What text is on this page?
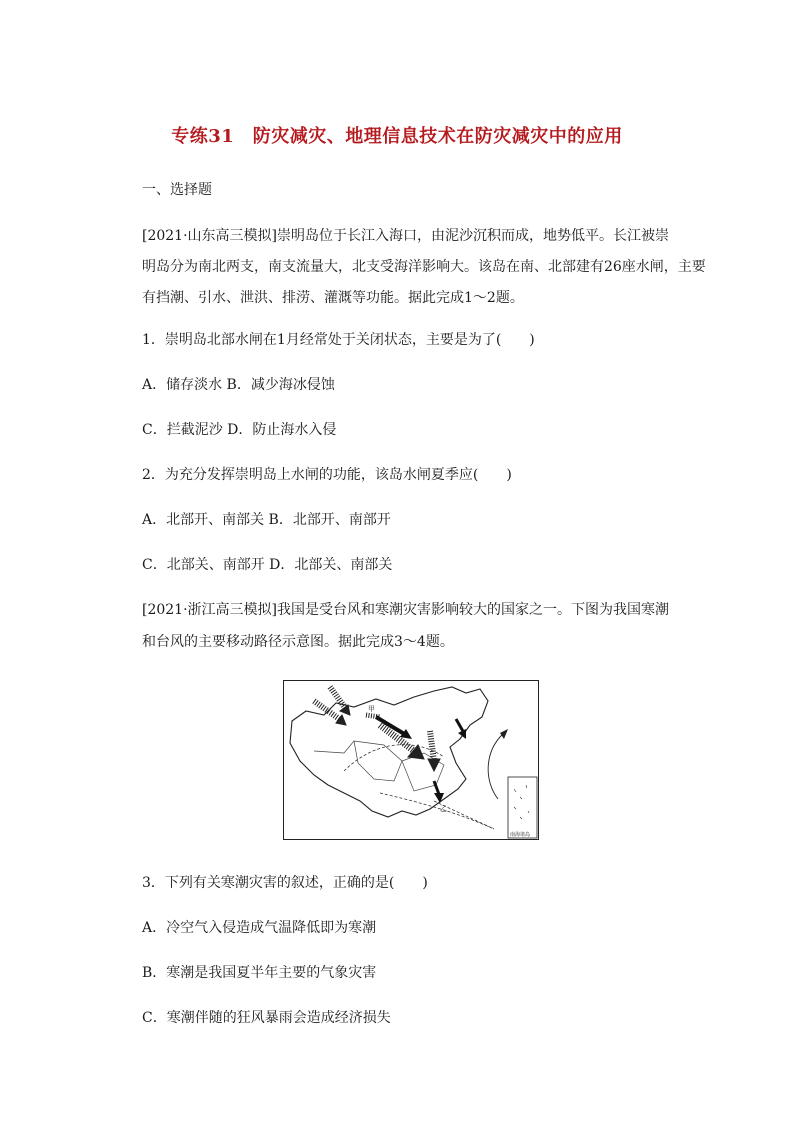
专练31　防灾减灾、地理信息技术在防灾减灾中的应用
一、选择题
[2021·山东高三模拟]崇明岛位于长江入海口，由泥沙沉积而成，地势低平。长江被崇
明岛分为南北两支，南支流量大，北支受海洋影响大。该岛在南、北部建有26座水闸，主要
有挡潮、引水、泄洪、排涝、灌溉等功能。据此完成1～2题。
1．崇明岛北部水闸在1月经常处于关闭状态，主要是为了(　　)
A．储存淡水 B．减少海冰侵蚀
C．拦截泥沙 D．防止海水入侵
2．为充分发挥崇明岛上水闸的功能，该岛水闸夏季应(　　)
A．北部开、南部关 B．北部开、南部开
C．北部关、南部开 D．北部关、南部关
[2021·浙江高三模拟]我国是受台风和寒潮灾害影响较大的国家之一。下图为我国寒潮
和台风的主要移动路径示意图。据此完成3～4题。
南海诸岛
甲
乙
3．下列有关寒潮灾害的叙述，正确的是(　　)
A．冷空气入侵造成气温降低即为寒潮
B．寒潮是我国夏半年主要的气象灾害
C．寒潮伴随的狂风暴雨会造成经济损失
